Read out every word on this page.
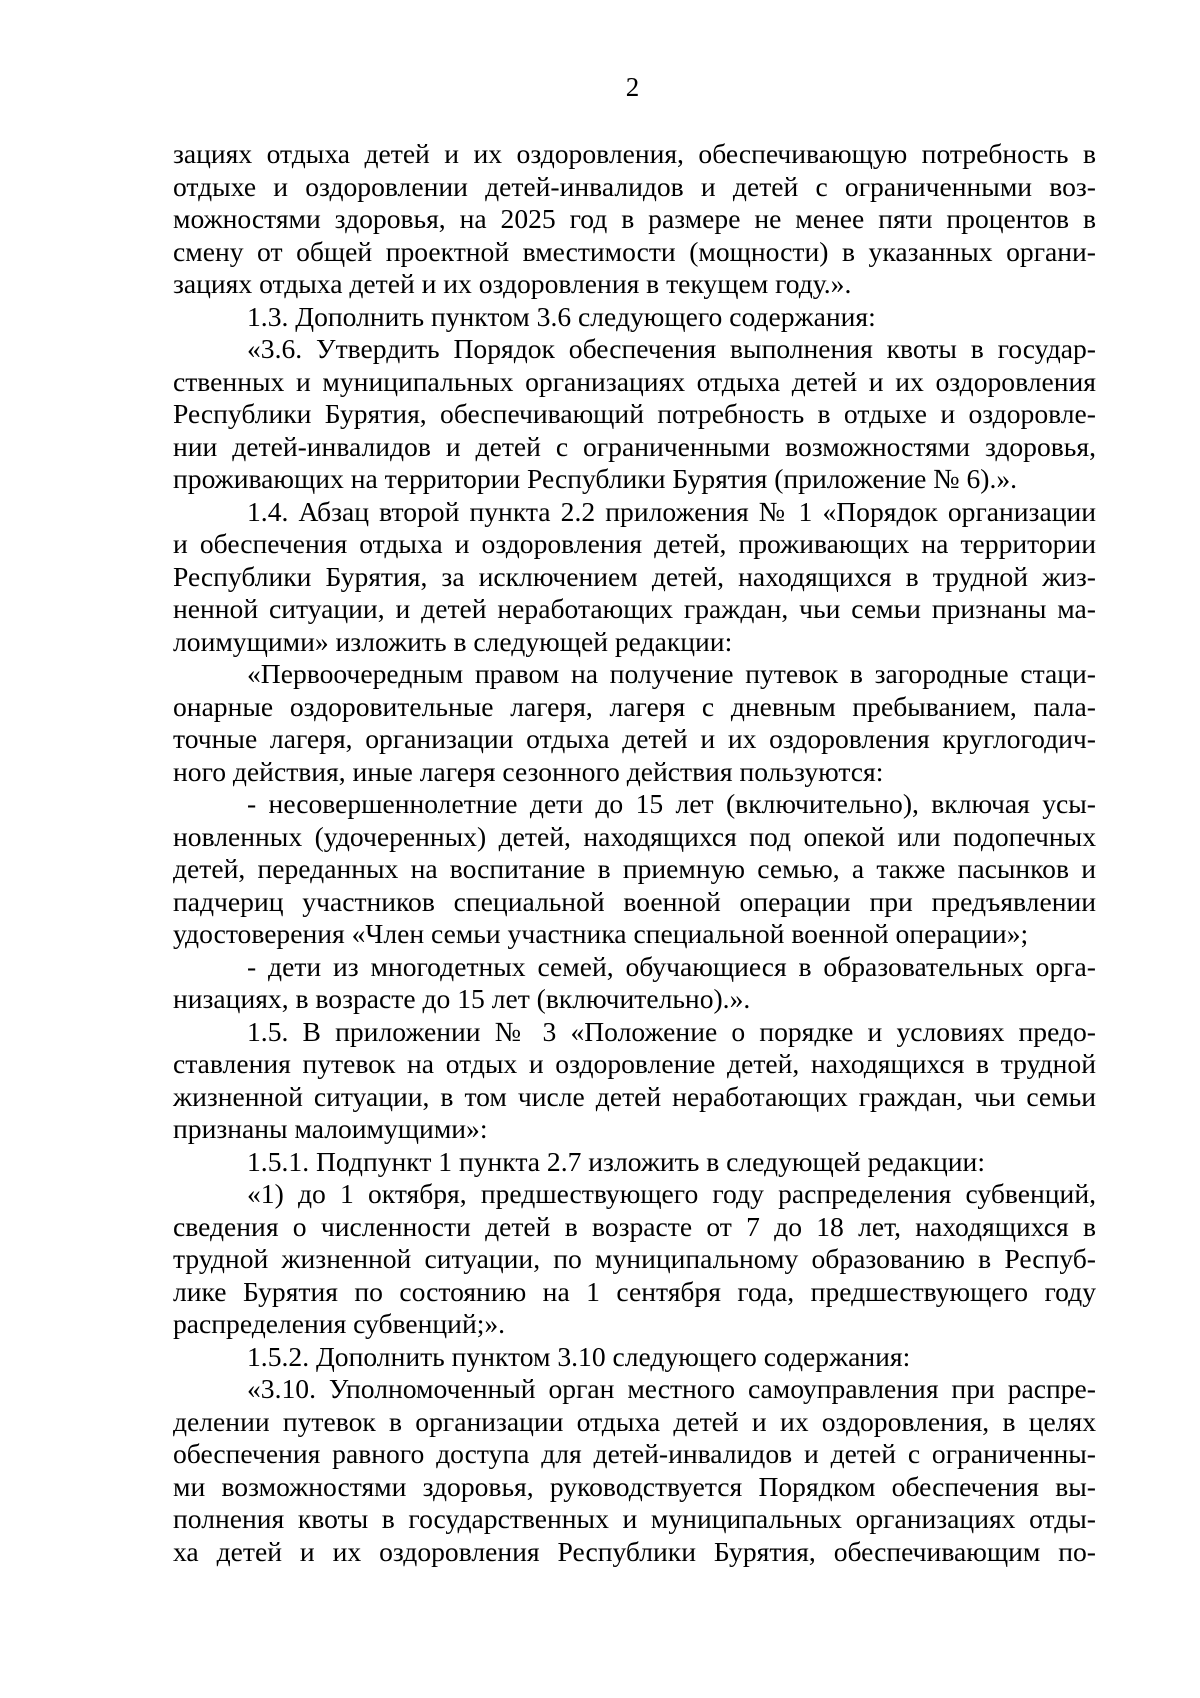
2
зациях отдыха детей и их оздоровления, обеспечивающую потребность в
отдыхе и оздоровлении детей-инвалидов и детей с ограниченными воз-
можностями здоровья, на 2025 год в размере не менее пяти процентов в
смену от общей проектной вместимости (мощности) в указанных органи-
зациях отдыха детей и их оздоровления в текущем году.».
1.3. Дополнить пунктом 3.6 следующего содержания:
«3.6. Утвердить Порядок обеспечения выполнения квоты в государ-
ственных и муниципальных организациях отдыха детей и их оздоровления
Республики Бурятия, обеспечивающий потребность в отдыхе и оздоровле-
нии детей-инвалидов и детей с ограниченными возможностями здоровья,
проживающих на территории Республики Бурятия (приложение № 6).».
1.4. Абзац второй пункта 2.2 приложения № 1 «Порядок организации
и обеспечения отдыха и оздоровления детей, проживающих на территории
Республики Бурятия, за исключением детей, находящихся в трудной жиз-
ненной ситуации, и детей неработающих граждан, чьи семьи признаны ма-
лоимущими» изложить в следующей редакции:
«Первоочередным правом на получение путевок в загородные стаци-
онарные оздоровительные лагеря, лагеря с дневным пребыванием, пала-
точные лагеря, организации отдыха детей и их оздоровления круглогодич-
ного действия, иные лагеря сезонного действия пользуются:
- несовершеннолетние дети до 15 лет (включительно), включая усы-
новленных (удочеренных) детей, находящихся под опекой или подопечных
детей, переданных на воспитание в приемную семью, а также пасынков и
падчериц участников специальной военной операции при предъявлении
удостоверения «Член семьи участника специальной военной операции»;
- дети из многодетных семей, обучающиеся в образовательных орга-
низациях, в возрасте до 15 лет (включительно).».
1.5. В приложении № 3 «Положение о порядке и условиях предо-
ставления путевок на отдых и оздоровление детей, находящихся в трудной
жизненной ситуации, в том числе детей неработающих граждан, чьи семьи
признаны малоимущими»:
1.5.1. Подпункт 1 пункта 2.7 изложить в следующей редакции:
«1) до 1 октября, предшествующего году распределения субвенций,
сведения о численности детей в возрасте от 7 до 18 лет, находящихся в
трудной жизненной ситуации, по муниципальному образованию в Респуб-
лике Бурятия по состоянию на 1 сентября года, предшествующего году
распределения субвенций;».
1.5.2. Дополнить пунктом 3.10 следующего содержания:
«3.10. Уполномоченный орган местного самоуправления при распре-
делении путевок в организации отдыха детей и их оздоровления, в целях
обеспечения равного доступа для детей-инвалидов и детей с ограниченны-
ми возможностями здоровья, руководствуется Порядком обеспечения вы-
полнения квоты в государственных и муниципальных организациях отды-
ха детей и их оздоровления Республики Бурятия, обеспечивающим по-
